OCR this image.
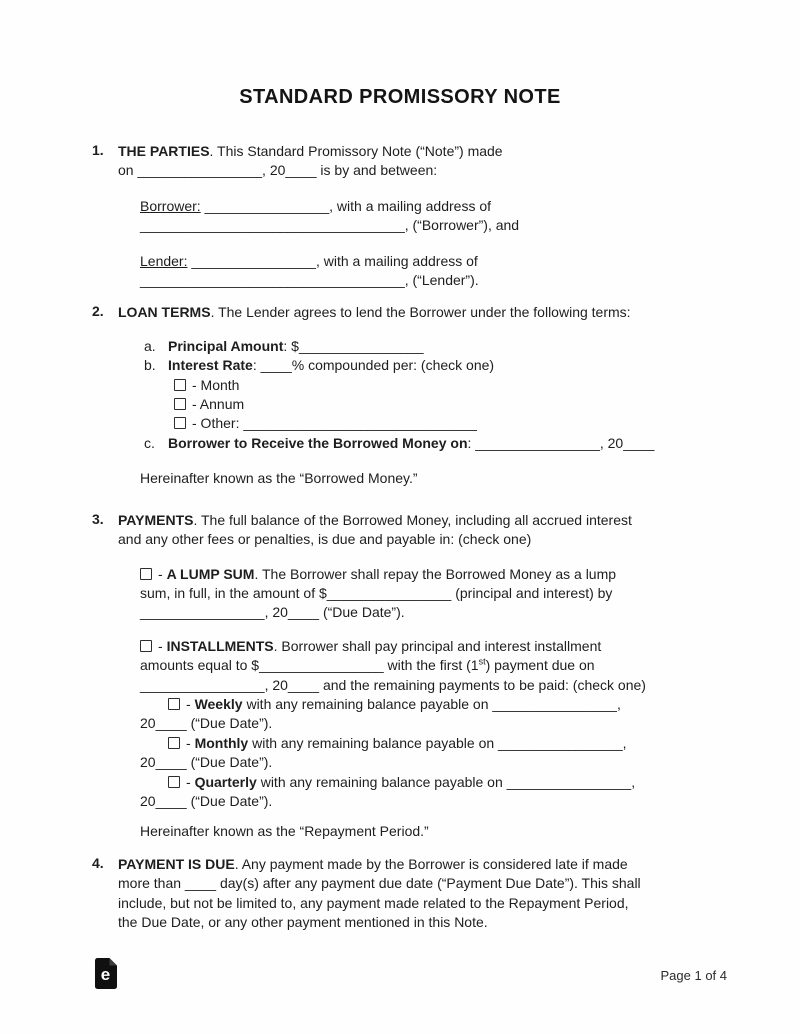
STANDARD PROMISSORY NOTE
1. THE PARTIES. This Standard Promissory Note (“Note”) made
on ________________, 20____ is by and between:
Borrower: ________________, with a mailing address of
__________________________________, (“Borrower”), and
Lender: ________________, with a mailing address of
__________________________________, (“Lender”).
2. LOAN TERMS. The Lender agrees to lend the Borrower under the following terms:
a. Principal Amount: $________________
b. Interest Rate: ____% compounded per: (check one)
- Month
- Annum
- Other: ______________________________
c. Borrower to Receive the Borrowed Money on: ________________, 20____
Hereinafter known as the “Borrowed Money.”
3. PAYMENTS. The full balance of the Borrowed Money, including all accrued interest
and any other fees or penalties, is due and payable in: (check one)
- A LUMP SUM. The Borrower shall repay the Borrowed Money as a lump
sum, in full, in the amount of $________________ (principal and interest) by
________________, 20____ (“Due Date”).
- INSTALLMENTS. Borrower shall pay principal and interest installment
amounts equal to $________________ with the first (1st) payment due on
________________, 20____ and the remaining payments to be paid: (check one)
- Weekly with any remaining balance payable on ________________,
20____ (“Due Date”).
- Monthly with any remaining balance payable on ________________,
20____ (“Due Date”).
- Quarterly with any remaining balance payable on ________________,
20____ (“Due Date”).
Hereinafter known as the “Repayment Period.”
4. PAYMENT IS DUE. Any payment made by the Borrower is considered late if made
more than ____ day(s) after any payment due date (“Payment Due Date”). This shall
include, but not be limited to, any payment made related to the Repayment Period,
the Due Date, or any other payment mentioned in this Note.
e	Page 1 of 4
